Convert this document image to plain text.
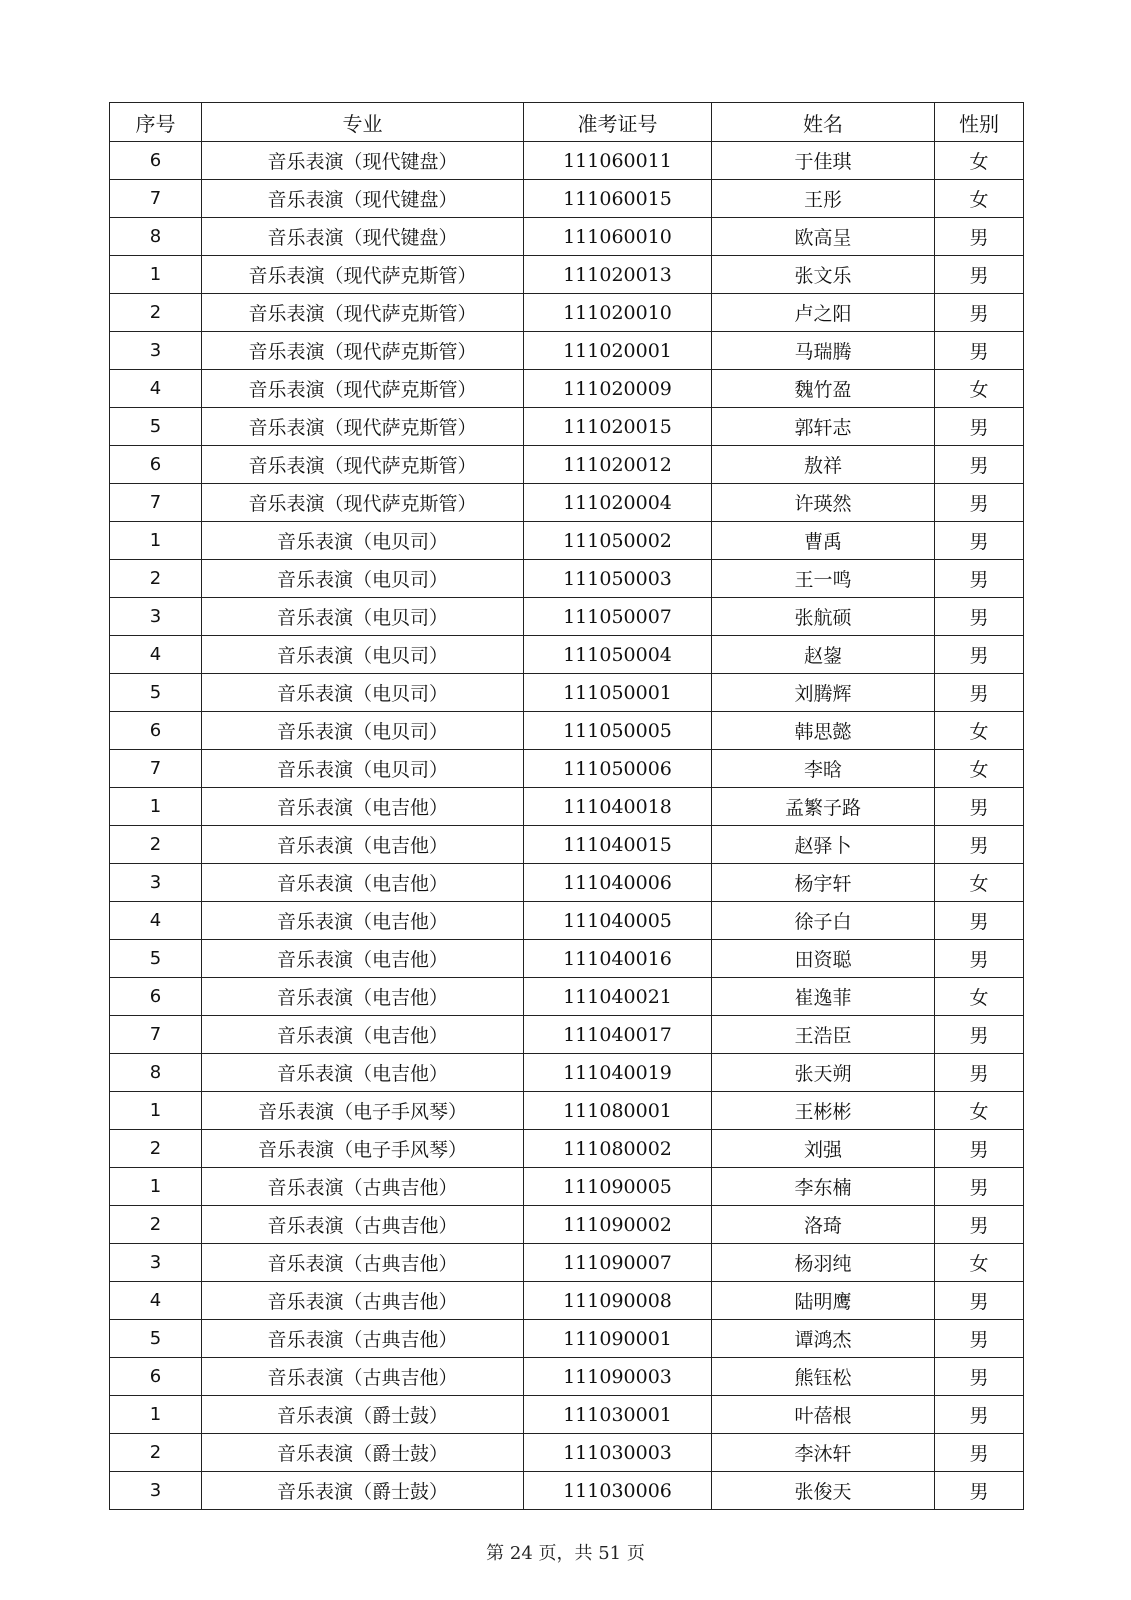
序号	专业	准考证号	姓名	性别
6	音乐表演（现代键盘）	111060011	于佳琪	女
7	音乐表演（现代键盘）	111060015	王彤	女
8	音乐表演（现代键盘）	111060010	欧高呈	男
1	音乐表演（现代萨克斯管）	111020013	张文乐	男
2	音乐表演（现代萨克斯管）	111020010	卢之阳	男
3	音乐表演（现代萨克斯管）	111020001	马瑞腾	男
4	音乐表演（现代萨克斯管）	111020009	魏竹盈	女
5	音乐表演（现代萨克斯管）	111020015	郭轩志	男
6	音乐表演（现代萨克斯管）	111020012	敖祥	男
7	音乐表演（现代萨克斯管）	111020004	许瑛然	男
1	音乐表演（电贝司）	111050002	曹禹	男
2	音乐表演（电贝司）	111050003	王一鸣	男
3	音乐表演（电贝司）	111050007	张航硕	男
4	音乐表演（电贝司）	111050004	赵鋆	男
5	音乐表演（电贝司）	111050001	刘腾辉	男
6	音乐表演（电贝司）	111050005	韩思懿	女
7	音乐表演（电贝司）	111050006	李晗	女
1	音乐表演（电吉他）	111040018	孟繁子路	男
2	音乐表演（电吉他）	111040015	赵驿卜	男
3	音乐表演（电吉他）	111040006	杨宇轩	女
4	音乐表演（电吉他）	111040005	徐子白	男
5	音乐表演（电吉他）	111040016	田资聪	男
6	音乐表演（电吉他）	111040021	崔逸菲	女
7	音乐表演（电吉他）	111040017	王浩臣	男
8	音乐表演（电吉他）	111040019	张天朔	男
1	音乐表演（电子手风琴）	111080001	王彬彬	女
2	音乐表演（电子手风琴）	111080002	刘强	男
1	音乐表演（古典吉他）	111090005	李东楠	男
2	音乐表演（古典吉他）	111090002	洛琦	男
3	音乐表演（古典吉他）	111090007	杨羽纯	女
4	音乐表演（古典吉他）	111090008	陆明鹰	男
5	音乐表演（古典吉他）	111090001	谭鸿杰	男
6	音乐表演（古典吉他）	111090003	熊钰松	男
1	音乐表演（爵士鼓）	111030001	叶蓓根	男
2	音乐表演（爵士鼓）	111030003	李沐轩	男
3	音乐表演（爵士鼓）	111030006	张俊天	男
第 24 页，共 51 页
